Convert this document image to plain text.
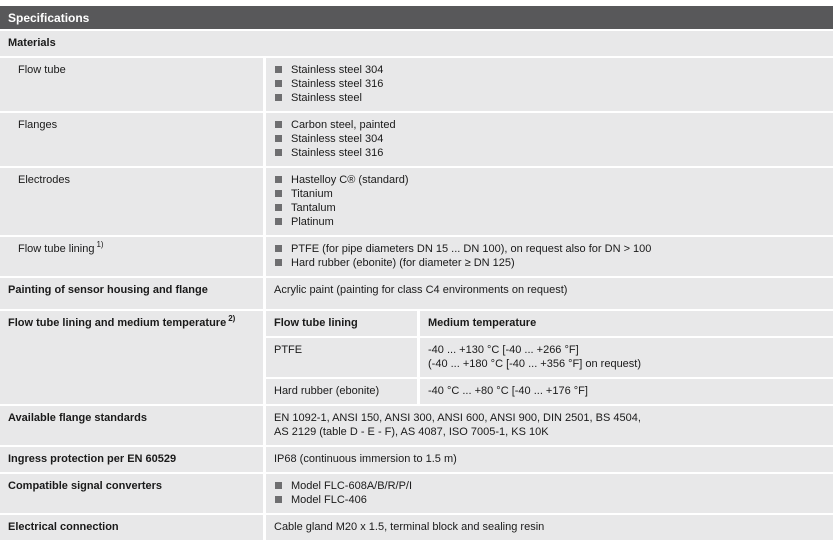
Specifications
Materials
Flow tube	Stainless steel 304
Stainless steel 316
Stainless steel
Flanges	Carbon steel, painted
Stainless steel 304
Stainless steel 316
Electrodes	Hastelloy C® (standard)
Titanium
Tantalum
Platinum
Flow tube lining $^{1)}$	PTFE (for pipe diameters DN 15 ... DN 100), on request also for DN > 100
Hard rubber (ebonite) (for diameter ≥ DN 125)
Painting of sensor housing and flange	Acrylic paint (painting for class C4 environments on request)
Flow tube lining and medium temperature $^{2)}$	Flow tube lining	Medium temperature
PTFE	-40 ... +130 °C [-40 ... +266 °F]
(-40 ... +180 °C [-40 ... +356 °F] on request)
Hard rubber (ebonite)	-40 °C ... +80 °C [-40 ... +176 °F]
Available flange standards	EN 1092-1, ANSI 150, ANSI 300, ANSI 600, ANSI 900, DIN 2501, BS 4504,
AS 2129 (table D - E - F), AS 4087, ISO 7005-1, KS 10K
Ingress protection per EN 60529	IP68 (continuous immersion to 1.5 m)
Compatible signal converters	Model FLC-608A/B/R/P/I
Model FLC-406
Electrical connection	Cable gland M20 x 1.5, terminal block and sealing resin
